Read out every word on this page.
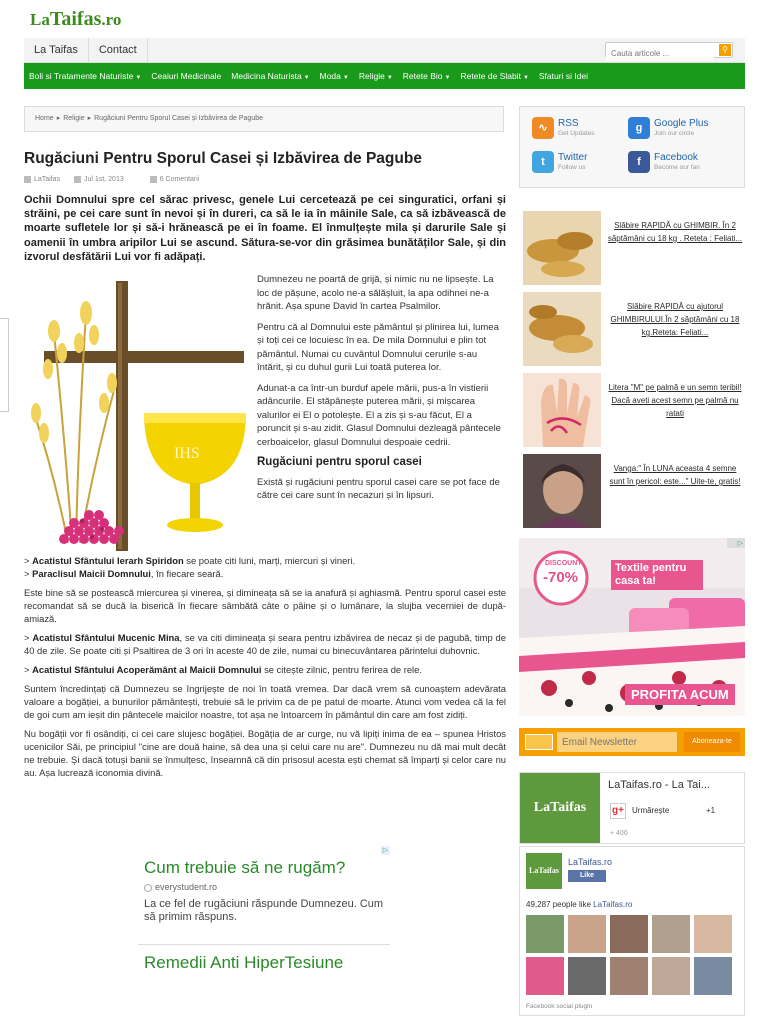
LaTaifas.ro
La Taifas	Contact
Cauta articole ...	⚲
Boli si Tratamente Naturiste ▼	Ceaiuri Medicinale	Medicina Naturista ▼	Moda ▼	Religie ▼	Retete Bio ▼	Retete de Slabit ▼	Sfaturi si Idei
Home ▸ Religie ▸ Rugăciuni Pentru Sporul Casei și Izbăvirea de Pagube
Rugăciuni Pentru Sporul Casei și Izbăvirea de Pagube
LaTaifas	Jul 1st, 2013	6 Comentarii

Ochii Domnului spre cel sărac privesc, genele Lui cercetează pe cei singuratici, orfani și străini, pe cei care sunt în nevoi și în dureri, ca să le ia în mâinile Sale, ca să izbăvească de moarte sufletele lor și să-i hrănească pe ei în foame. El înmulțește mila și darurile Sale și oamenii în umbra aripilor Lui se ascund. Sătura-se-vor din grăsimea bunătăților Sale, și din izvorul desfătării Lui vor fi adăpați.

IHS

Dumnezeu ne poartă de grijă, și nimic nu ne lipsește. La loc de pășune, acolo ne-a sălășluit, la apa odihnei ne-a hrănit. Așa spune David în cartea Psalmilor.

Pentru că al Domnului este pământul și plinirea lui, lumea și toți cei ce locuiesc în ea. De mila Domnului e plin tot pământul. Numai cu cuvântul Domnului cerurile s-au întărit, și cu duhul gurii Lui toată puterea lor.

Adunat-a ca într-un burduf apele mării, pus-a în vistierii adâncurile. El stăpânește puterea mării, și mișcarea valurilor ei El o potolește. El a zis și s-au făcut, El a poruncit și s-au zidit. Glasul Domnului dezleagă pântecele cerboaicelor, glasul Domnului despoaie cedrii.

Rugăciuni pentru sporul casei

Există și rugăciuni pentru sporul casei care se pot face de către cei care sunt în necazuri și în lipsuri.

> Acatistul Sfântului Ierarh Spiridon se poate citi luni, marți, miercuri și vineri.
> Paraclisul Maicii Domnului, în fiecare seară.

Este bine să se postească miercurea și vinerea, și dimineața să se ia anafură și aghiasmă. Pentru sporul casei este recomandat să se ducă la biserică în fiecare sâmbătă câte o pâine și o lumânare, la slujba vecerniei de după-amiază.

> Acatistul Sfântului Mucenic Mina, se va citi dimineața și seara pentru izbăvirea de necaz și de pagubă, timp de 40 de zile. Se poate citi și Psaltirea de 3 ori în aceste 40 de zile, numai cu binecuvântarea părintelui duhovnic.

> Acatistul Sfântului Acoperământ al Maicii Domnului se citește zilnic, pentru ferirea de rele.

Suntem încredințați că Dumnezeu se îngrijește de noi în toată vremea. Dar dacă vrem să cunoaștem adevărata valoare a bogăției, a bunurilor pământești, trebuie să le privim ca de pe patul de moarte. Atunci vom vedea că la fel de goi cum am ieșit din pântecele maicilor noastre, tot așa ne întoarcem în pământul din care am fost zidiți.

Nu bogății vor fi osândiți, ci cei care slujesc bogăției. Bogăția de ar curge, nu vă lipiți inima de ea – spunea Hristos ucenicilor Săi, pe principiul "cine are două haine, să dea una și celui care nu are". Dumnezeu nu dă mai mult decât ne trebuie. Și dacă totuși banii se înmulțesc, înseamnă că din prisosul acesta ești chemat să împarți și celor care nu au. Așa lucrează iconomia divină.

▷
Cum trebuie să ne rugăm?
everystudent.ro
La ce fel de rugăciuni răspunde Dumnezeu. Cum să primim răspuns.
Remedii Anti HiperTesiune
∿	RSS
Get Updates	g	Google Plus
Join our circle
t	Twitter
Follow us	f	Facebook
Become our fan
Slăbire RAPIDĂ cu GHIMBIR. În 2 săptămâni cu 18 kg . Reteta : Feliati...
Slăbire RAPIDĂ cu ajutorul GHIMBIRULUI.În 2 săptămâni cu 18 kg.Reteta: Feliati...
Litera "M" pe palmă e un semn teribil! Dacă aveti acest semn pe palmă nu ratati
Vanga:" În LUNA aceasta 4 semne sunt în pericol: este..." Uite-te, gratis!
DISCOUNT
-70%
Textile pentru casa ta!
PROFITA ACUM
▷
Email Newsletter
Aboneaza-te
LaTaifas
LaTaifas.ro - La Tai...
g+ Urmărește	+1
+ 406
LaTaifas
LaTaifas.ro
Like
49,287 people like LaTaifas.ro
Facebook social plugin
